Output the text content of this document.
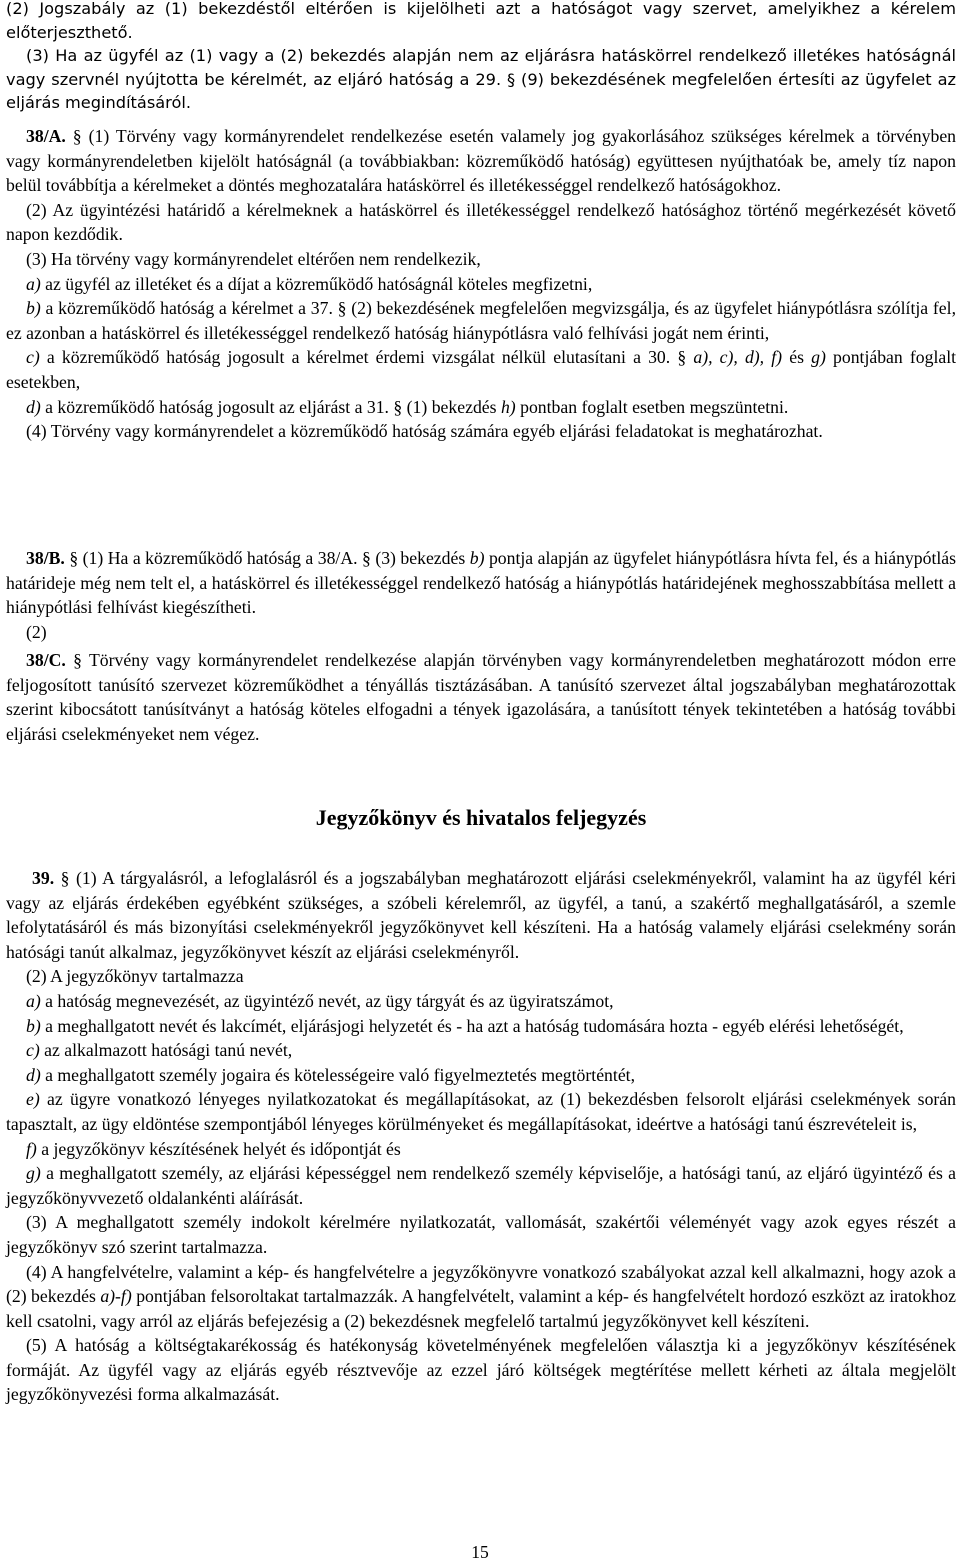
(2) Jogszabály az (1) bekezdéstől eltérően is kijelölheti azt a hatóságot vagy szervet, amelyikhez a kérelem előterjeszthető.

(3) Ha az ügyfél az (1) vagy a (2) bekezdés alapján nem az eljárásra hatáskörrel rendelkező illetékes hatóságnál vagy szervnél nyújtotta be kérelmét, az eljáró hatóság a 29. § (9) bekezdésének megfelelően értesíti az ügyfelet az eljárás megindításáról.

38/A. § (1) Törvény vagy kormányrendelet rendelkezése esetén valamely jog gyakorlásához szükséges kérelmek a törvényben vagy kormányrendeletben kijelölt hatóságnál (a továbbiakban: közreműködő hatóság) együttesen nyújthatóak be, amely tíz napon belül továbbítja a kérelmeket a döntés meghozatalára hatáskörrel és illetékességgel rendelkező hatóságokhoz.

(2) Az ügyintézési határidő a kérelmeknek a hatáskörrel és illetékességgel rendelkező hatósághoz történő megérkezését követő napon kezdődik.

(3) Ha törvény vagy kormányrendelet eltérően nem rendelkezik,

a) az ügyfél az illetéket és a díjat a közreműködő hatóságnál köteles megfizetni,

b) a közreműködő hatóság a kérelmet a 37. § (2) bekezdésének megfelelően megvizsgálja, és az ügyfelet hiánypótlásra szólítja fel, ez azonban a hatáskörrel és illetékességgel rendelkező hatóság hiánypótlásra való felhívási jogát nem érinti,

c) a közreműködő hatóság jogosult a kérelmet érdemi vizsgálat nélkül elutasítani a 30. § a), c), d), f) és g) pontjában foglalt esetekben,

d) a közreműködő hatóság jogosult az eljárást a 31. § (1) bekezdés h) pontban foglalt esetben megszüntetni.

(4) Törvény vagy kormányrendelet a közreműködő hatóság számára egyéb eljárási feladatokat is meghatározhat.

38/B. § (1) Ha a közreműködő hatóság a 38/A. § (3) bekezdés b) pontja alapján az ügyfelet hiánypótlásra hívta fel, és a hiánypótlás határideje még nem telt el, a hatáskörrel és illetékességgel rendelkező hatóság a hiánypótlás határidejének meghosszabbítása mellett a hiánypótlási felhívást kiegészítheti.

(2)

38/C. § Törvény vagy kormányrendelet rendelkezése alapján törvényben vagy kormányrendeletben meghatározott módon erre feljogosított tanúsító szervezet közreműködhet a tényállás tisztázásában. A tanúsító szervezet által jogszabályban meghatározottak szerint kibocsátott tanúsítványt a hatóság köteles elfogadni a tények igazolására, a tanúsított tények tekintetében a hatóság további eljárási cselekményeket nem végez.

Jegyzőkönyv és hivatalos feljegyzés

39. § (1) A tárgyalásról, a lefoglalásról és a jogszabályban meghatározott eljárási cselekményekről, valamint ha az ügyfél kéri vagy az eljárás érdekében egyébként szükséges, a szóbeli kérelemről, az ügyfél, a tanú, a szakértő meghallgatásáról, a szemle lefolytatásáról és más bizonyítási cselekményekről jegyzőkönyvet kell készíteni. Ha a hatóság valamely eljárási cselekmény során hatósági tanút alkalmaz, jegyzőkönyvet készít az eljárási cselekményről.

(2) A jegyzőkönyv tartalmazza

a) a hatóság megnevezését, az ügyintéző nevét, az ügy tárgyát és az ügyiratszámot,

b) a meghallgatott nevét és lakcímét, eljárásjogi helyzetét és - ha azt a hatóság tudomására hozta - egyéb elérési lehetőségét,

c) az alkalmazott hatósági tanú nevét,

d) a meghallgatott személy jogaira és kötelességeire való figyelmeztetés megtörténtét,

e) az ügyre vonatkozó lényeges nyilatkozatokat és megállapításokat, az (1) bekezdésben felsorolt eljárási cselekmények során tapasztalt, az ügy eldöntése szempontjából lényeges körülményeket és megállapításokat, ideértve a hatósági tanú észrevételeit is,

f) a jegyzőkönyv készítésének helyét és időpontját és

g) a meghallgatott személy, az eljárási képességgel nem rendelkező személy képviselője, a hatósági tanú, az eljáró ügyintéző és a jegyzőkönyvvezető oldalankénti aláírását.

(3) A meghallgatott személy indokolt kérelmére nyilatkozatát, vallomását, szakértői véleményét vagy azok egyes részét a jegyzőkönyv szó szerint tartalmazza.

(4) A hangfelvételre, valamint a kép- és hangfelvételre a jegyzőkönyvre vonatkozó szabályokat azzal kell alkalmazni, hogy azok a (2) bekezdés a)-f) pontjában felsoroltakat tartalmazzák. A hangfelvételt, valamint a kép- és hangfelvételt hordozó eszközt az iratokhoz kell csatolni, vagy arról az eljárás befejezésig a (2) bekezdésnek megfelelő tartalmú jegyzőkönyvet kell készíteni.

(5) A hatóság a költségtakarékosság és hatékonyság követelményének megfelelően választja ki a jegyzőkönyv készítésének formáját. Az ügyfél vagy az eljárás egyéb résztvevője az ezzel járó költségek megtérítése mellett kérheti az általa megjelölt jegyzőkönyvezési forma alkalmazását.

15
